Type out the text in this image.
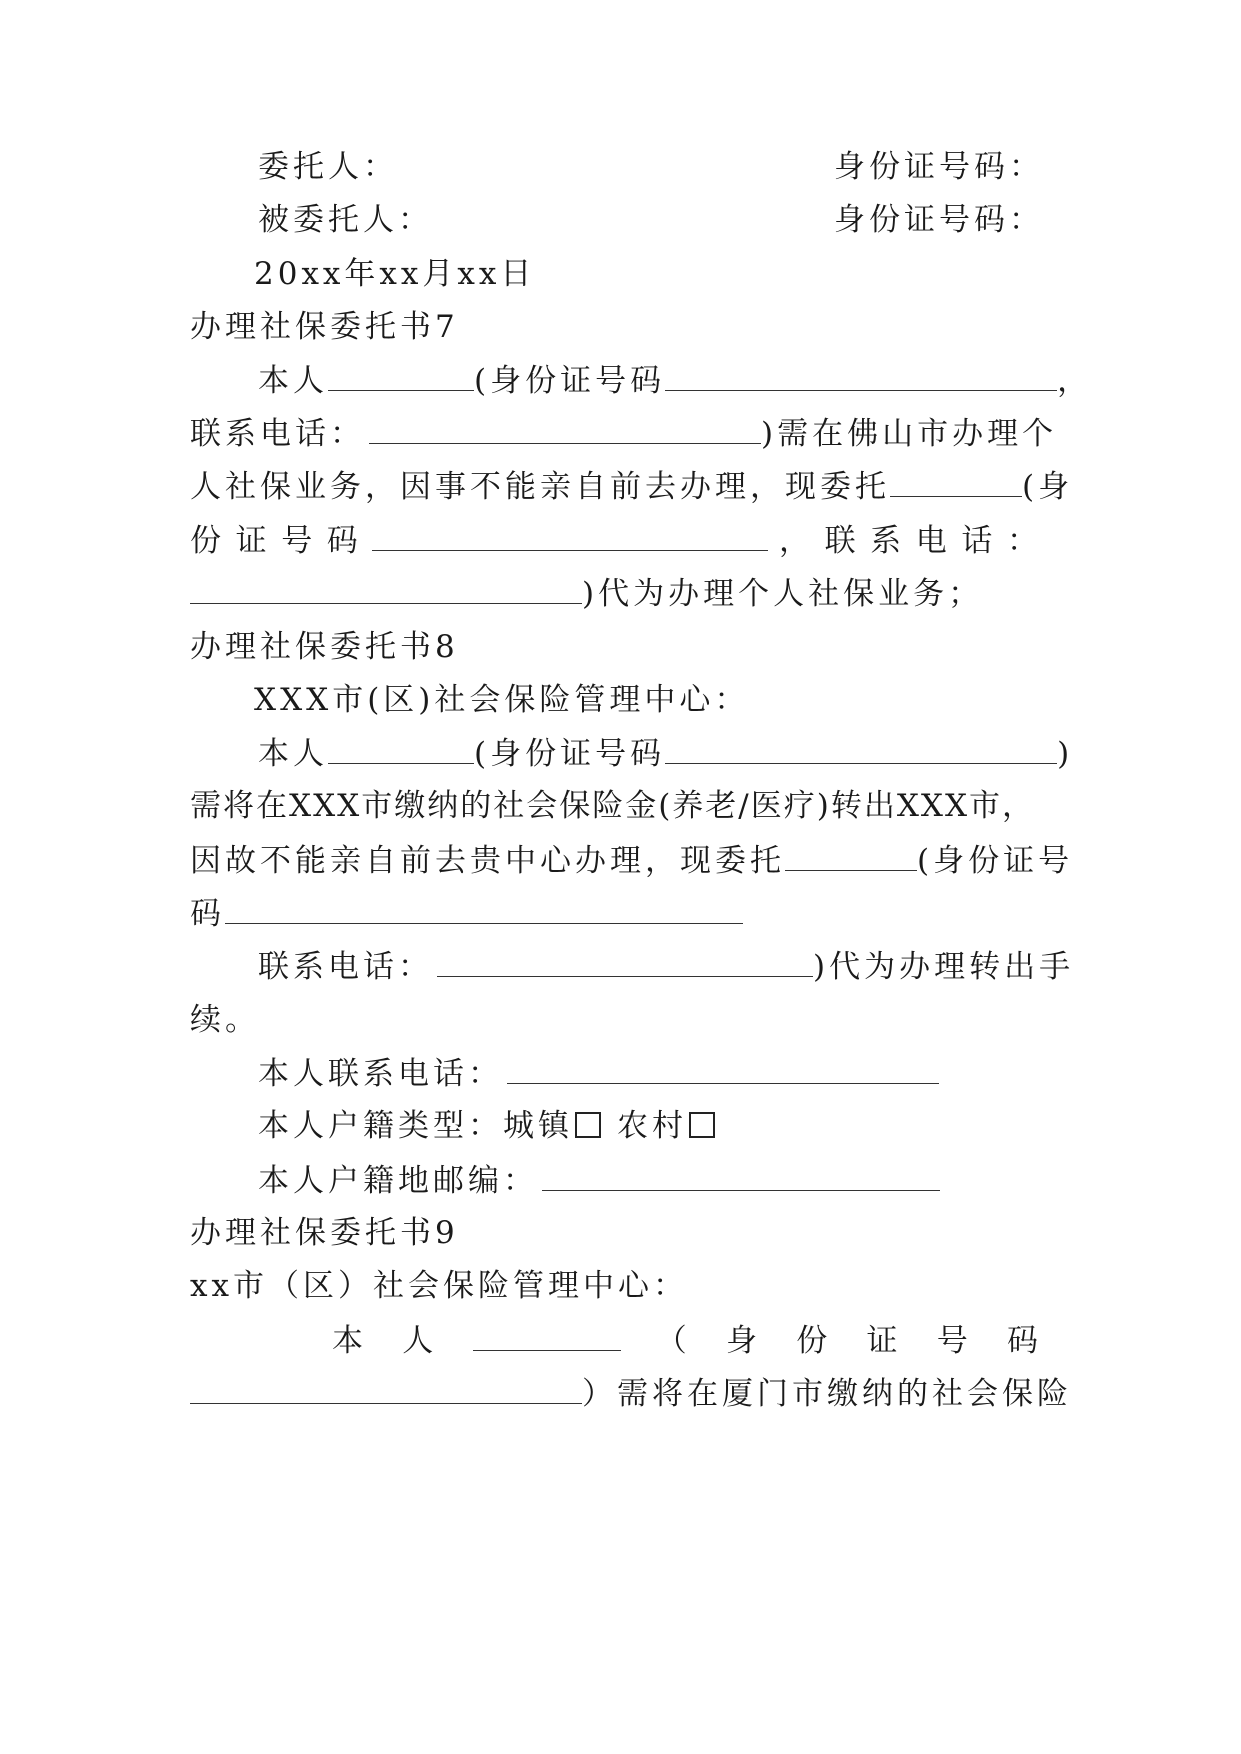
委托人：	身份证号码：
被委托人：	身份证号码：
20xx年xx月xx日
办理社保委托书7
本人	(身份证号码	，
联系电话：	)需在佛山市办理个
人社保业务，因事不能亲自前去办理，现委托	(身
份 证 号 码	， 联 系 电 话 ：
)代为办理个人社保业务；
办理社保委托书8
XXX市(区)社会保险管理中心：
本人	(身份证号码	)
需将在XXX市缴纳的社会保险金(养老/医疗)转出XXX市，
因故不能亲自前去贵中心办理，现委托	(身份证号
码
联系电话：	)代为办理转出手
续。
本人联系电话：
本人户籍类型：城镇 农村
本人户籍地邮编：
办理社保委托书9
xx市（区）社会保险管理中心：
本 人	（ 身 份 证 号 码
）需将在厦门市缴纳的社会保险
